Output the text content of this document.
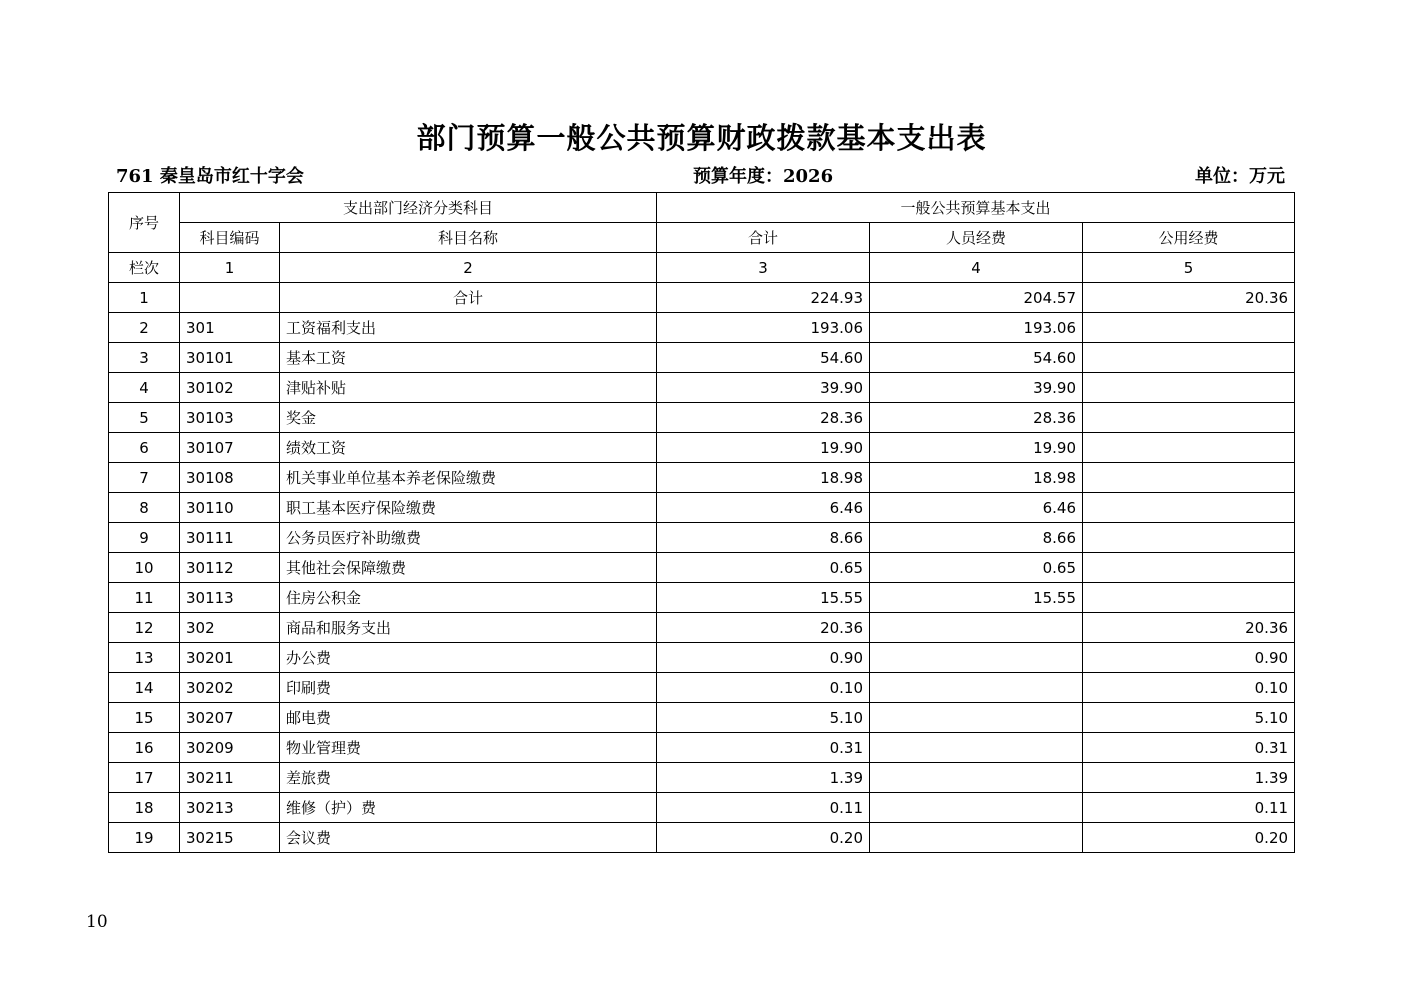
部门预算一般公共预算财政拨款基本支出表
761 秦皇岛市红十字会	预算年度：2026	单位：万元
序号	支出部门经济分类科目		一般公共预算基本支出		
	科目编码	科目名称	合计	人员经费	公用经费
栏次	1	2	3	4	5
1		合计	224.93	204.57	20.36
2	301	工资福利支出	193.06	193.06	
3	30101	基本工资	54.60	54.60	
4	30102	津贴补贴	39.90	39.90	
5	30103	奖金	28.36	28.36	
6	30107	绩效工资	19.90	19.90	
7	30108	机关事业单位基本养老保险缴费	18.98	18.98	
8	30110	职工基本医疗保险缴费	6.46	6.46	
9	30111	公务员医疗补助缴费	8.66	8.66	
10	30112	其他社会保障缴费	0.65	0.65	
11	30113	住房公积金	15.55	15.55	
12	302	商品和服务支出	20.36		20.36
13	30201	办公费	0.90		0.90
14	30202	印刷费	0.10		0.10
15	30207	邮电费	5.10		5.10
16	30209	物业管理费	0.31		0.31
17	30211	差旅费	1.39		1.39
18	30213	维修（护）费	0.11		0.11
19	30215	会议费	0.20		0.20
10
